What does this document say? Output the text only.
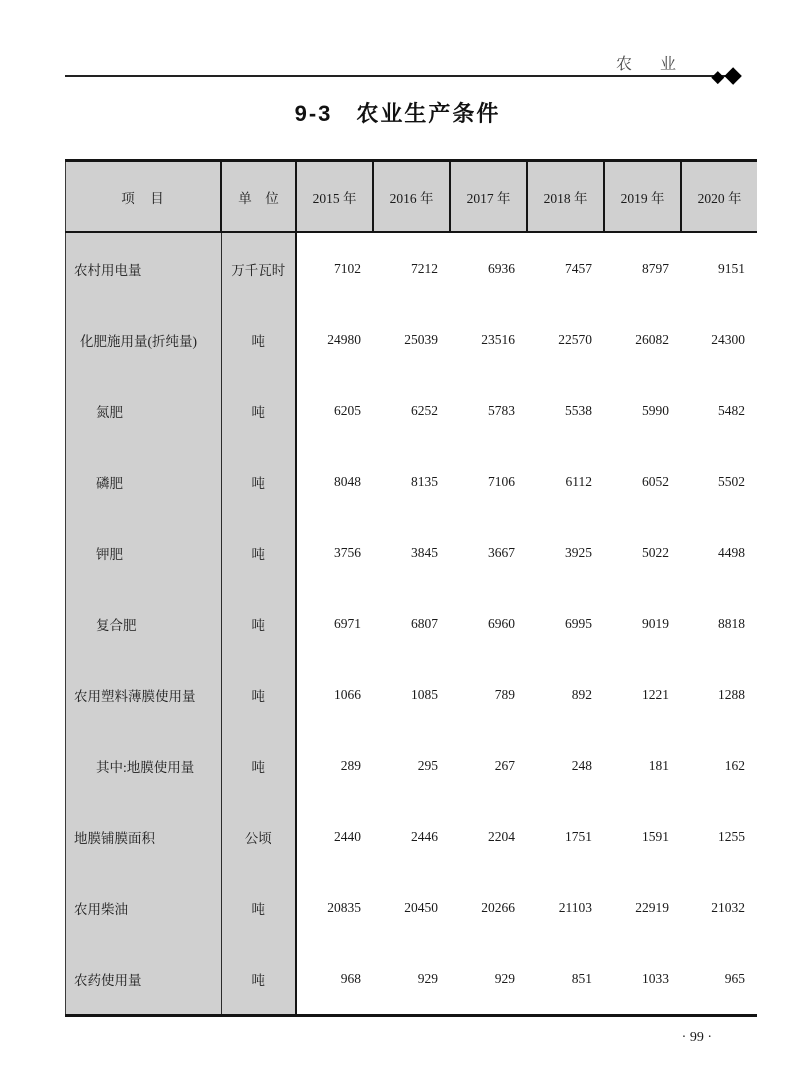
农　业
◆◆
9-3　农业生产条件
项　目	单　位	2015 年	2016 年	2017 年	2018 年	2019 年	2020 年
农村用电量	万千瓦时	7102	7212	6936	7457	8797	9151
化肥施用量(折纯量)	吨	24980	25039	23516	22570	26082	24300
氮肥	吨	6205	6252	5783	5538	5990	5482
磷肥	吨	8048	8135	7106	6112	6052	5502
钾肥	吨	3756	3845	3667	3925	5022	4498
复合肥	吨	6971	6807	6960	6995	9019	8818
农用塑料薄膜使用量	吨	1066	1085	789	892	1221	1288
其中:地膜使用量	吨	289	295	267	248	181	162
地膜铺膜面积	公顷	2440	2446	2204	1751	1591	1255
农用柴油	吨	20835	20450	20266	21103	22919	21032
农药使用量	吨	968	929	929	851	1033	965
· 99 ·
